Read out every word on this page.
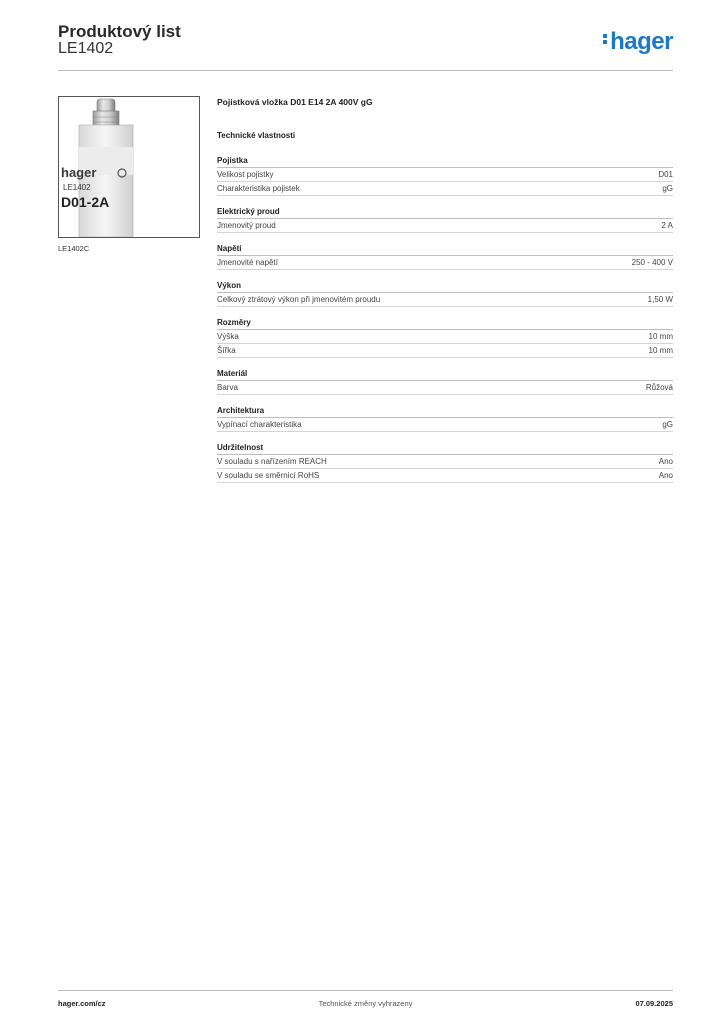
Produktový list
LE1402	hager
hager
LE1402
D01-2A
LE1402C
Pojistková vložka D01 E14 2A 400V gG
Technické vlastnosti
Pojistka
Velikost pojistky	D01
Charakteristika pojistek	gG
Elektrický proud
Jmenovitý proud	2 A
Napětí
Jmenovité napětí	250 - 400 V
Výkon
Celkový ztrátový výkon při jmenovitém proudu	1,50 W
Rozměry
Výška	10 mm
Šířka	10 mm
Materiál
Barva	Růžová
Architektura
Vypínací charakteristika	gG
Udržitelnost
V souladu s nařízením REACH	Ano
V souladu se směrnicí RoHS	Ano
hager.com/cz	Technické změny vyhrazeny	07.09.2025
